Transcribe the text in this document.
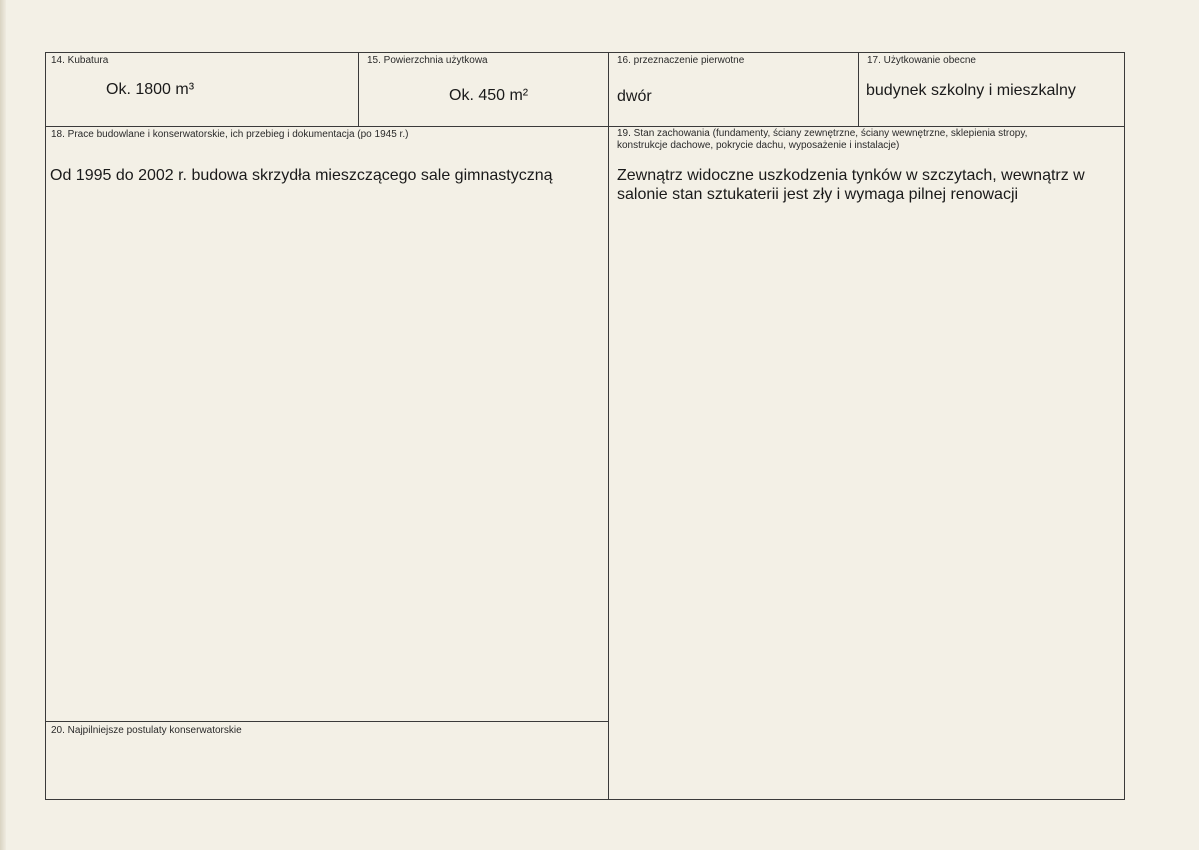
14. Kubatura
Ok. 1800 m³
15. Powierzchnia użytkowa
Ok. 450 m²
16. przeznaczenie pierwotne
dwór
17. Użytkowanie obecne
budynek szkolny i mieszkalny
18. Prace budowlane i konserwatorskie, ich przebieg i dokumentacja (po 1945 r.)
Od 1995 do 2002 r. budowa skrzydła mieszczącego sale gimnastyczną
19. Stan zachowania (fundamenty, ściany zewnętrzne, ściany wewnętrzne, sklepienia stropy,
konstrukcje dachowe, pokrycie dachu, wyposażenie i instalacje)
Zewnątrz widoczne uszkodzenia tynków w szczytach, wewnątrz w
salonie stan sztukaterii jest zły i wymaga pilnej renowacji
20. Najpilniejsze postulaty konserwatorskie
